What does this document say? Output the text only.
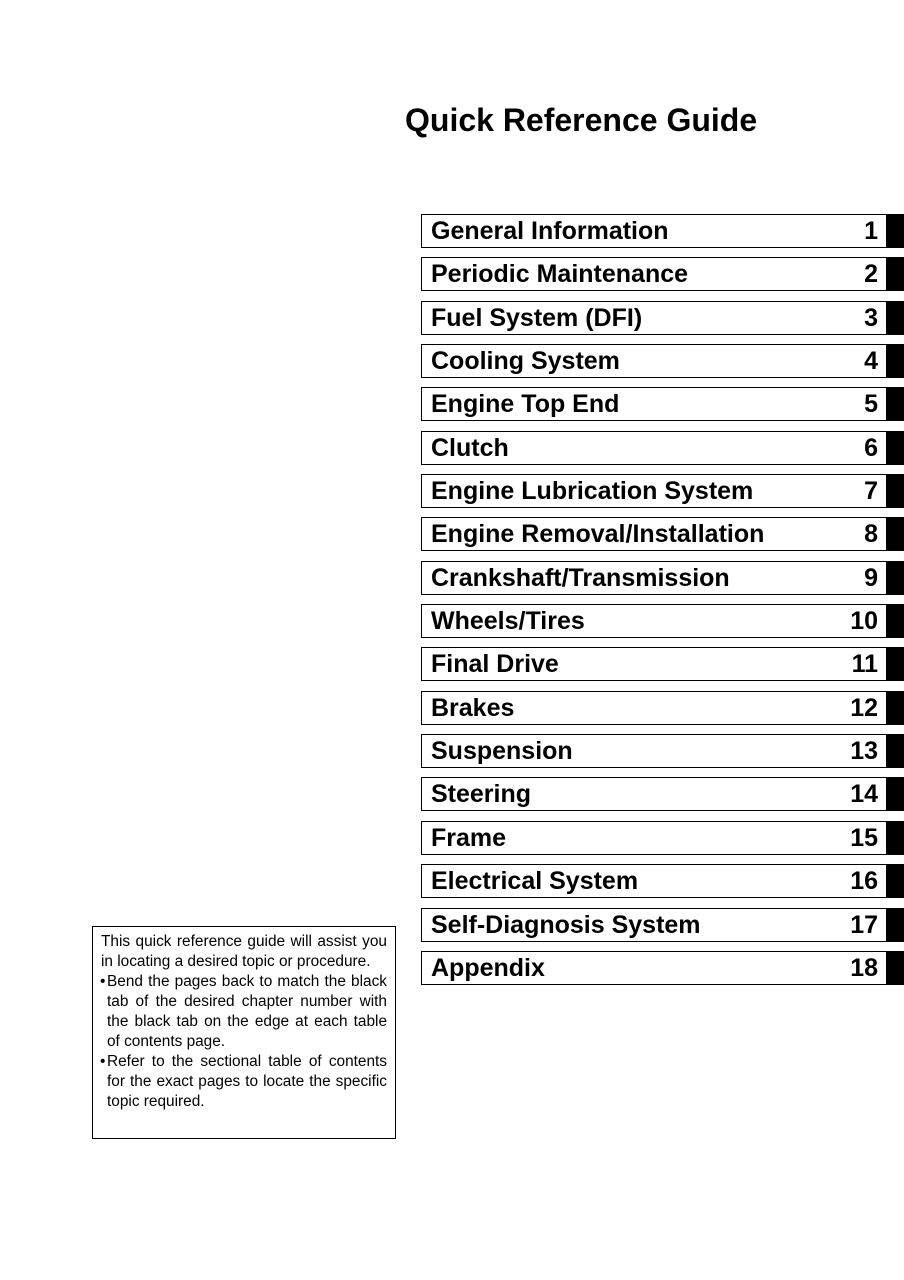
Quick Reference Guide
General Information	1
Periodic Maintenance	2
Fuel System (DFI)	3
Cooling System	4
Engine Top End	5
Clutch	6
Engine Lubrication System	7
Engine Removal/Installation	8
Crankshaft/Transmission	9
Wheels/Tires	10
Final Drive	11
Brakes	12
Suspension	13
Steering	14
Frame	15
Electrical System	16
Self-Diagnosis System	17
Appendix	18
This quick reference guide will assist you in locating a desired topic or procedure.
• Bend the pages back to match the black tab of the desired chapter number with the black tab on the edge at each table of contents page.
• Refer to the sectional table of contents for the exact pages to locate the specific topic required.
